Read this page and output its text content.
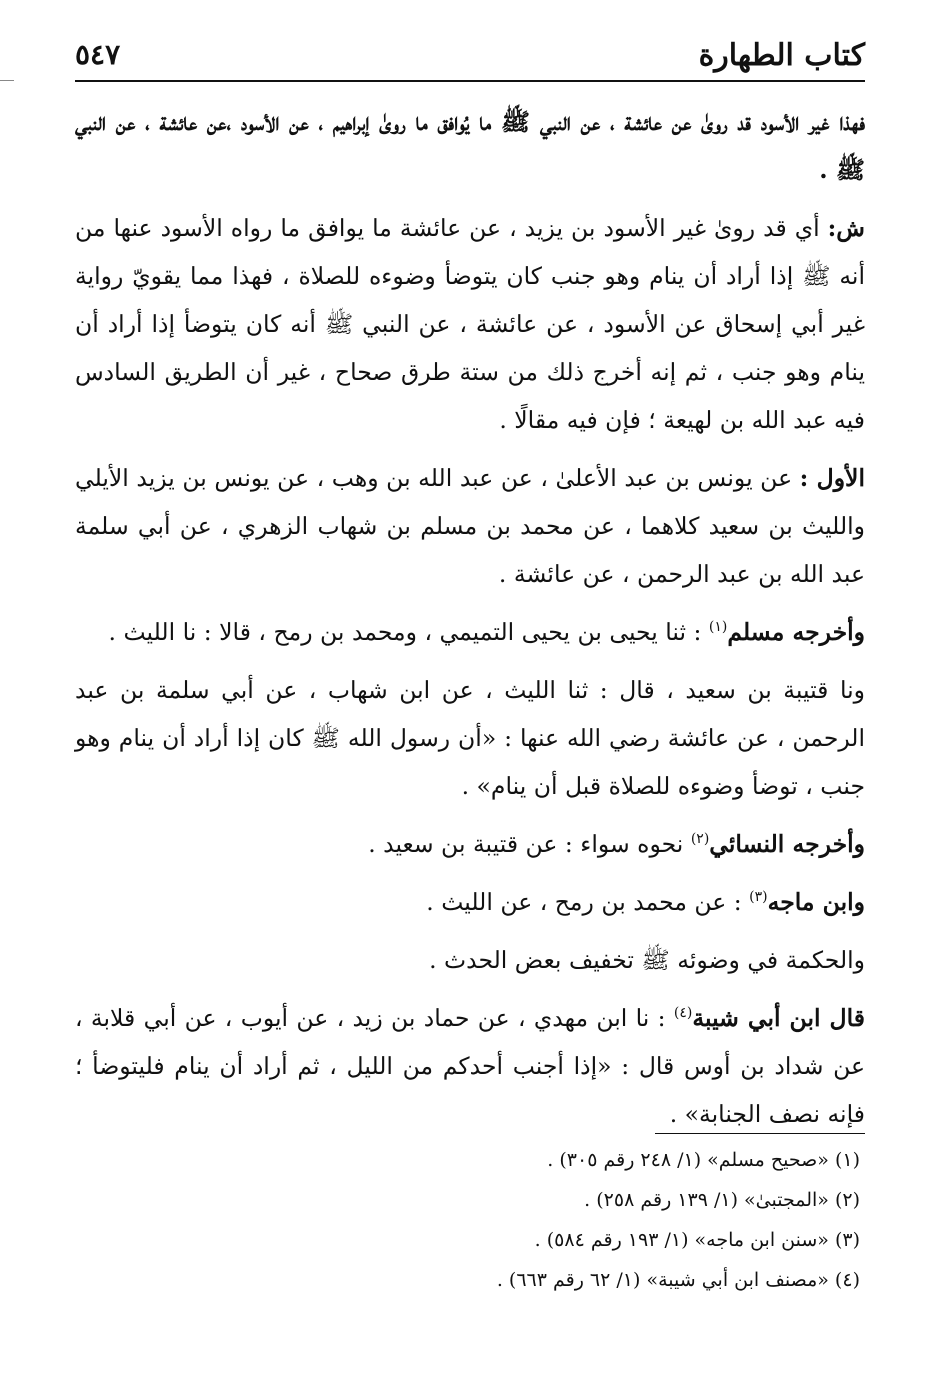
كتاب الطهارة
٥٤٧

فهذا غير الأسود قد روىٰ عن عائشة ، عن النبي ﷺ ما يُوافق ما روىٰ إبراهيم ، عن الأسود ،عن عائشة ، عن النبي ﷺ .

ش: أي قد روىٰ غير الأسود بن يزيد ، عن عائشة ما يوافق ما رواه الأسود عنها من أنه ﷺ إذا أراد أن ينام وهو جنب كان يتوضأ وضوءه للصلاة ، فهذا مما يقويّ رواية غير أبي إسحاق عن الأسود ، عن عائشة ، عن النبي ﷺ أنه كان يتوضأ إذا أراد أن ينام وهو جنب ، ثم إنه أخرج ذلك من ستة طرق صحاح ، غير أن الطريق السادس فيه عبد الله بن لهيعة ؛ فإن فيه مقالًا .

الأول : عن يونس بن عبد الأعلىٰ ، عن عبد الله بن وهب ، عن يونس بن يزيد الأيلي والليث بن سعيد كلاهما ، عن محمد بن مسلم بن شهاب الزهري ، عن أبي سلمة عبد الله بن عبد الرحمن ، عن عائشة .

وأخرجه مسلم$^{(١)}$ : ثنا يحيى بن يحيى التميمي ، ومحمد بن رمح ، قالا : نا الليث .

ونا قتيبة بن سعيد ، قال : ثنا الليث ، عن ابن شهاب ، عن أبي سلمة بن عبد الرحمن ، عن عائشة رضي الله عنها : «أن رسول الله ﷺ كان إذا أراد أن ينام وهو جنب ، توضأ وضوءه للصلاة قبل أن ينام» .

وأخرجه النسائي$^{(٢)}$ نحوه سواء : عن قتيبة بن سعيد .

وابن ماجه$^{(٣)}$ : عن محمد بن رمح ، عن الليث .

والحكمة في وضوئه ﷺ تخفيف بعض الحدث .

قال ابن أبي شيبة$^{(٤)}$ : نا ابن مهدي ، عن حماد بن زيد ، عن أيوب ، عن أبي قلابة ، عن شداد بن أوس قال : «إذا أجنب أحدكم من الليل ، ثم أراد أن ينام فليتوضأ ؛ فإنه نصف الجنابة» .

(١) «صحيح مسلم» (١/ ٢٤٨ رقم ٣٠٥) .

(٢) «المجتبىٰ» (١/ ١٣٩ رقم ٢٥٨) .

(٣) «سنن ابن ماجه» (١/ ١٩٣ رقم ٥٨٤) .

(٤) «مصنف ابن أبي شيبة» (١/ ٦٢ رقم ٦٦٣) .
